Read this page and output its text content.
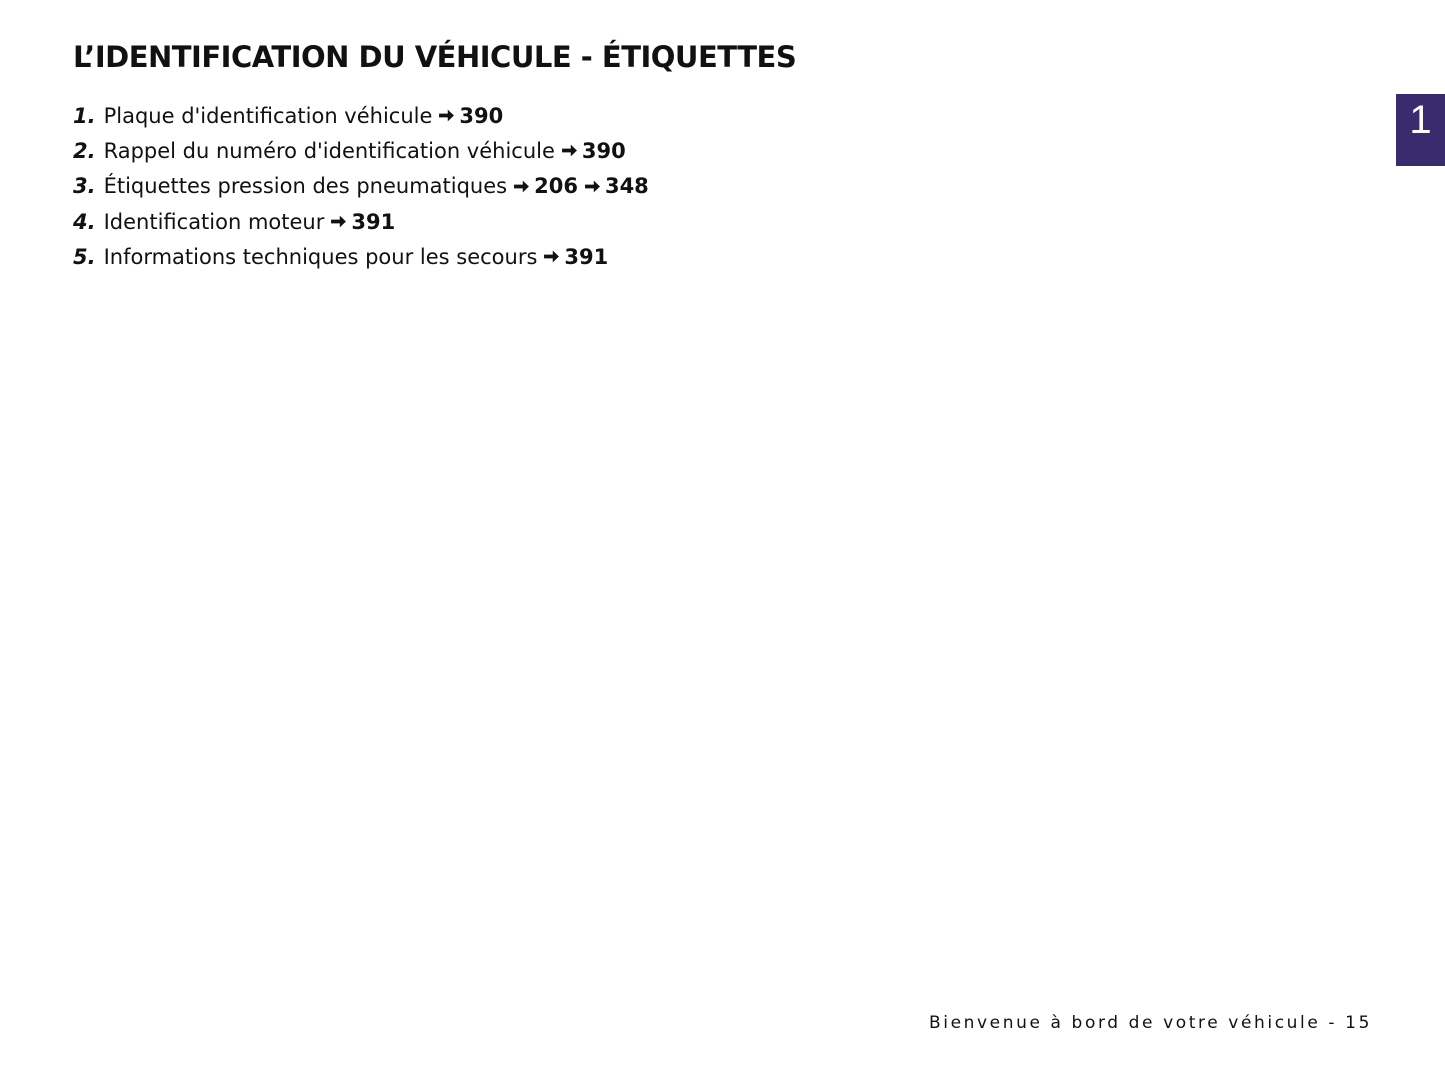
L’IDENTIFICATION DU VÉHICULE - ÉTIQUETTES
1. Plaque d'identification véhicule 390
2. Rappel du numéro d'identification véhicule 390
3. Étiquettes pression des pneumatiques 206 348
4. Identification moteur 391
5. Informations techniques pour les secours 391
1
Bienvenue à bord de votre véhicule - 15
